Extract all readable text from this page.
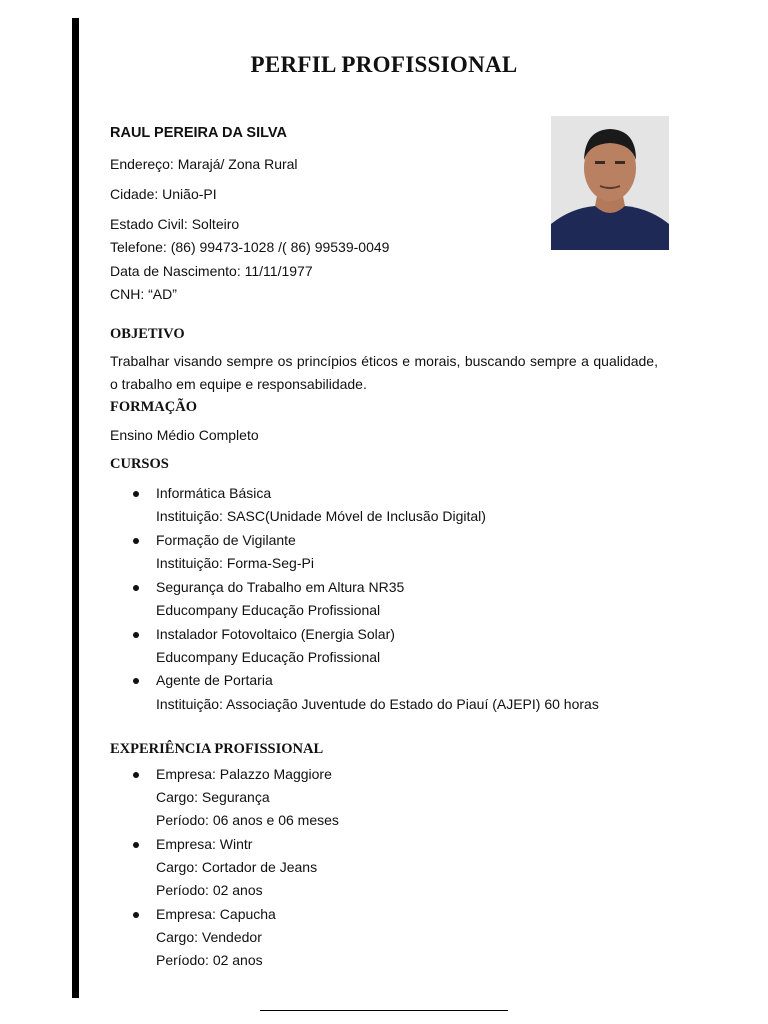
PERFIL PROFISSIONAL
RAUL PEREIRA DA SILVA
Endereço: Marajá/ Zona Rural
Cidade: União-PI
Estado Civil: Solteiro
Telefone: (86) 99473-1028 /( 86) 99539-0049
Data de Nascimento: 11/11/1977
CNH: “AD”
OBJETIVO
Trabalhar visando sempre os princípios éticos e morais, buscando sempre a qualidade, o trabalho em equipe e responsabilidade.
FORMAÇÃO
Ensino Médio Completo
CURSOS
Informática Básica
Instituição: SASC(Unidade Móvel de Inclusão Digital)
Formação de Vigilante
Instituição: Forma-Seg-Pi
Segurança do Trabalho em Altura NR35
Educompany Educação Profissional
Instalador Fotovoltaico (Energia Solar)
Educompany Educação Profissional
Agente de Portaria
Instituição: Associação Juventude do Estado do Piauí (AJEPI) 60 horas
EXPERIÊNCIA PROFISSIONAL
Empresa: Palazzo Maggiore
Cargo: Segurança
Período: 06 anos e 06 meses
Empresa: Wintr
Cargo: Cortador de Jeans
Período: 02 anos
Empresa: Capucha
Cargo: Vendedor
Período: 02 anos
